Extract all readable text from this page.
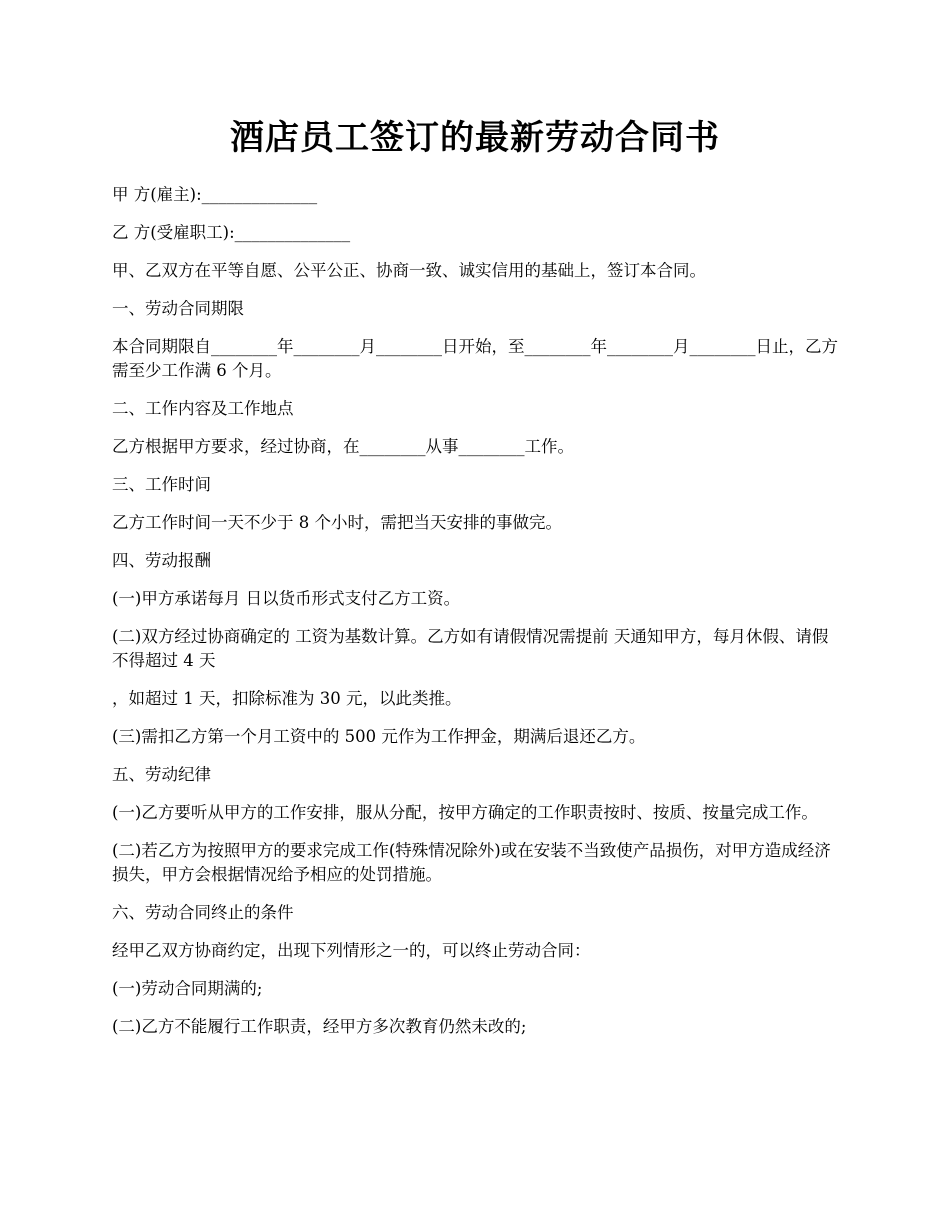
酒店员工签订的最新劳动合同书

甲 方(雇主):______________

乙 方(受雇职工):______________

甲、乙双方在平等自愿、公平公正、协商一致、诚实信用的基础上，签订本合同。

一、劳动合同期限

本合同期限自________年________月________日开始，至________年________月________日止，乙方需至少工作满 6 个月。

二、工作内容及工作地点

乙方根据甲方要求，经过协商，在________从事________工作。

三、工作时间

乙方工作时间一天不少于 8 个小时，需把当天安排的事做完。

四、劳动报酬

(一)甲方承诺每月 日以货币形式支付乙方工资。

(二)双方经过协商确定的 工资为基数计算。乙方如有请假情况需提前 天通知甲方，每月休假、请假不得超过 4 天

，如超过 1 天，扣除标准为 30 元，以此类推。

(三)需扣乙方第一个月工资中的 500 元作为工作押金，期满后退还乙方。

五、劳动纪律

(一)乙方要听从甲方的工作安排，服从分配，按甲方确定的工作职责按时、按质、按量完成工作。

(二)若乙方为按照甲方的要求完成工作(特殊情况除外)或在安装不当致使产品损伤，对甲方造成经济损失，甲方会根据情况给予相应的处罚措施。

六、劳动合同终止的条件

经甲乙双方协商约定，出现下列情形之一的，可以终止劳动合同：

(一)劳动合同期满的;

(二)乙方不能履行工作职责，经甲方多次教育仍然未改的;
